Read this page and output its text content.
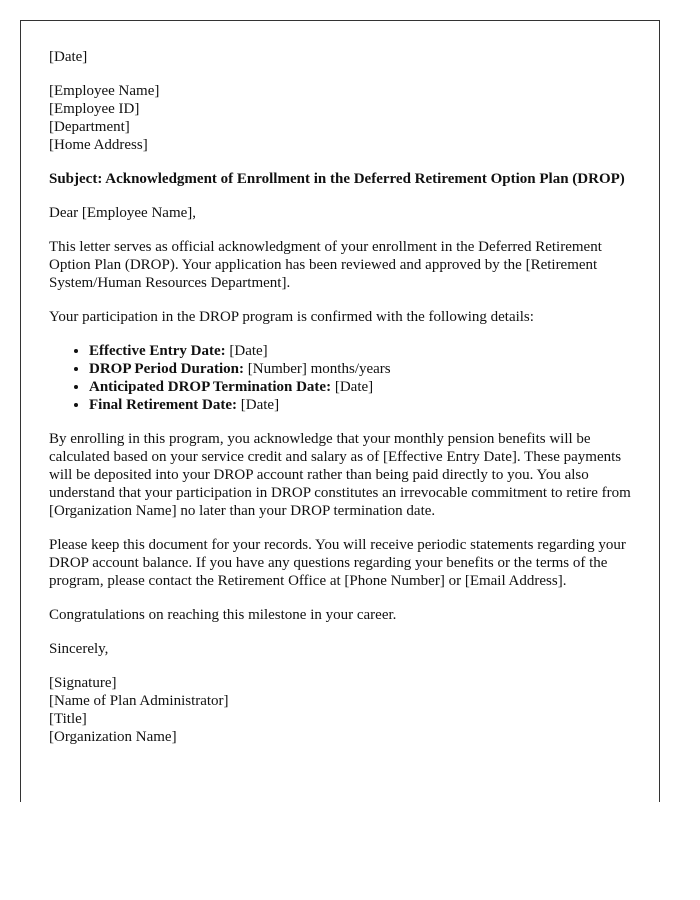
[Date]

[Employee Name]
[Employee ID]
[Department]
[Home Address]

Subject: Acknowledgment of Enrollment in the Deferred Retirement Option Plan (DROP)

Dear [Employee Name],

This letter serves as official acknowledgment of your enrollment in the Deferred Retirement Option Plan (DROP). Your application has been reviewed and approved by the [Retirement System/Human Resources Department].

Your participation in the DROP program is confirmed with the following details:

• Effective Entry Date: [Date]
• DROP Period Duration: [Number] months/years
• Anticipated DROP Termination Date: [Date]
• Final Retirement Date: [Date]

By enrolling in this program, you acknowledge that your monthly pension benefits will be calculated based on your service credit and salary as of [Effective Entry Date]. These payments will be deposited into your DROP account rather than being paid directly to you. You also understand that your participation in DROP constitutes an irrevocable commitment to retire from [Organization Name] no later than your DROP termination date.

Please keep this document for your records. You will receive periodic statements regarding your DROP account balance. If you have any questions regarding your benefits or the terms of the program, please contact the Retirement Office at [Phone Number] or [Email Address].

Congratulations on reaching this milestone in your career.

Sincerely,

[Signature]
[Name of Plan Administrator]
[Title]
[Organization Name]
